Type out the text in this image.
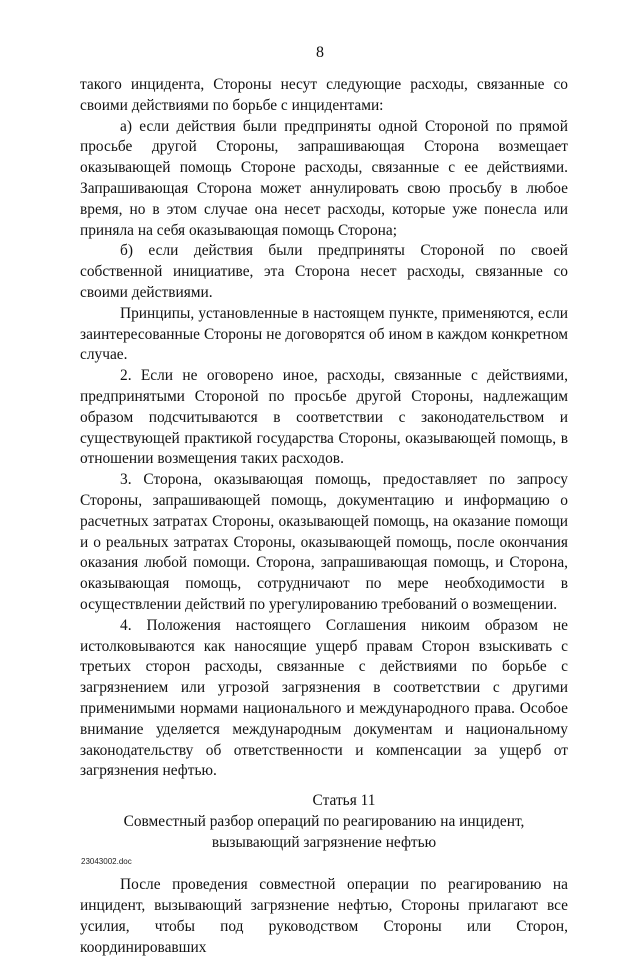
8

такого инцидента, Стороны несут следующие расходы, связанные со своими действиями по борьбе с инцидентами:

а) если действия были предприняты одной Стороной по прямой просьбе другой Стороны, запрашивающая Сторона возмещает оказывающей помощь Стороне расходы, связанные с ее действиями. Запрашивающая Сторона может аннулировать свою просьбу в любое время, но в этом случае она несет расходы, которые уже понесла или приняла на себя оказывающая помощь Сторона;

б) если действия были предприняты Стороной по своей собственной инициативе, эта Сторона несет расходы, связанные со своими действиями.

Принципы, установленные в настоящем пункте, применяются, если заинтересованные Стороны не договорятся об ином в каждом конкретном случае.

2. Если не оговорено иное, расходы, связанные с действиями, предпринятыми Стороной по просьбе другой Стороны, надлежащим образом подсчитываются в соответствии с законодательством и существующей практикой государства Стороны, оказывающей помощь, в отношении возмещения таких расходов.

3. Сторона, оказывающая помощь, предоставляет по запросу Стороны, запрашивающей помощь, документацию и информацию о расчетных затратах Стороны, оказывающей помощь, на оказание помощи и о реальных затратах Стороны, оказывающей помощь, после окончания оказания любой помощи. Сторона, запрашивающая помощь, и Сторона, оказывающая помощь, сотрудничают по мере необходимости в осуществлении действий по урегулированию требований о возмещении.

4. Положения настоящего Соглашения никоим образом не истолковываются как наносящие ущерб правам Сторон взыскивать с третьих сторон расходы, связанные с действиями по борьбе с загрязнением или угрозой загрязнения в соответствии с другими применимыми нормами национального и международного права. Особое внимание уделяется международным документам и национальному законодательству об ответственности и компенсации за ущерб от загрязнения нефтью.

Статья 11

Совместный разбор операций по реагированию на инцидент,
вызывающий загрязнение нефтью

После проведения совместной операции по реагированию на инцидент, вызывающий загрязнение нефтью, Стороны прилагают все усилия, чтобы под руководством Стороны или Сторон, координировавших

23043002.doc
